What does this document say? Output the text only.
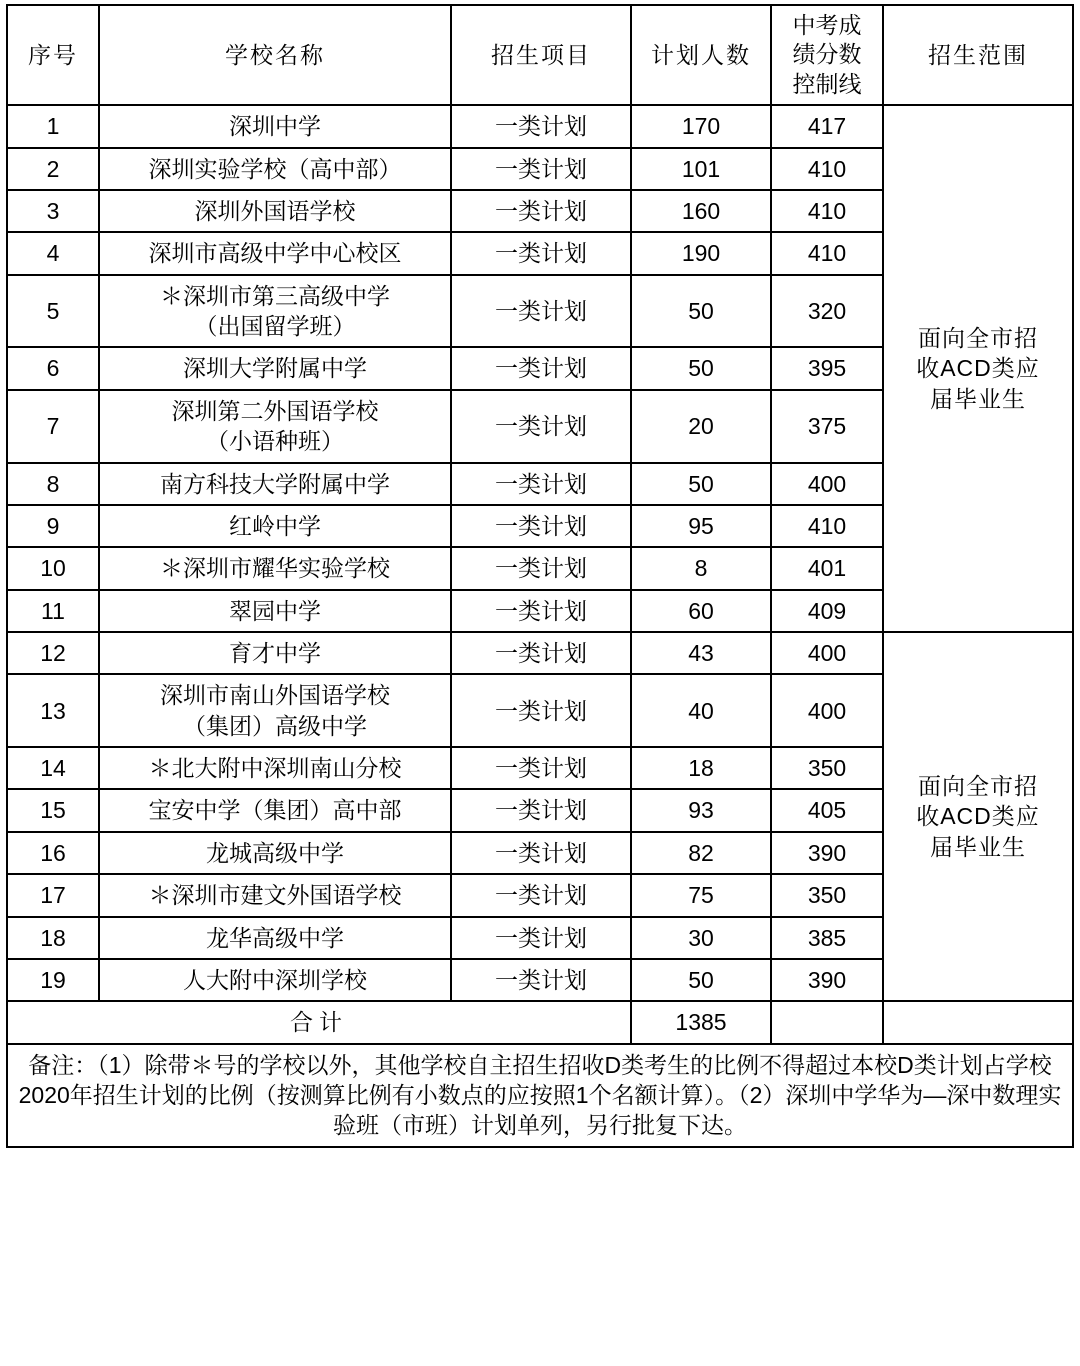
序号	学校名称	招生项目	计划人数	中考成
绩分数
控制线	招生范围
1	深圳中学	一类计划	170	417	面向全市招
收ACD类应
届毕业生

2	深圳实验学校（高中部）	一类计划	101	410	
3	深圳外国语学校	一类计划	160	410	
4	深圳市高级中学中心校区	一类计划	190	410	
5	＊深圳市第三高级中学
（出国留学班）	一类计划	50	320	
6	深圳大学附属中学	一类计划	50	395	
7	深圳第二外国语学校
（小语种班）	一类计划	20	375	
8	南方科技大学附属中学	一类计划	50	400	
9	红岭中学	一类计划	95	410	
10	＊深圳市耀华实验学校	一类计划	8	401	
11	翠园中学	一类计划	60	409	
12	育才中学	一类计划	43	400	面向全市招
收ACD类应
届毕业生

13	深圳市南山外国语学校
（集团）高级中学	一类计划	40	400	
14	＊北大附中深圳南山分校	一类计划	18	350	
15	宝安中学（集团）高中部	一类计划	93	405	
16	龙城高级中学	一类计划	82	390	
17	＊深圳市建文外国语学校	一类计划	75	350	
18	龙华高级中学	一类计划	30	385	
19	人大附中深圳学校	一类计划	50	390	
合计			1385		

备注：（1）除带＊号的学校以外，其他学校自主招生招收D类考生的比例不得超过本校D类计划占学校2020年招生计划的比例（按测算比例有小数点的应按照1个名额计算）。（2）深圳中学华为—深中数理实验班（市班）计划单列，另行批复下达。					
